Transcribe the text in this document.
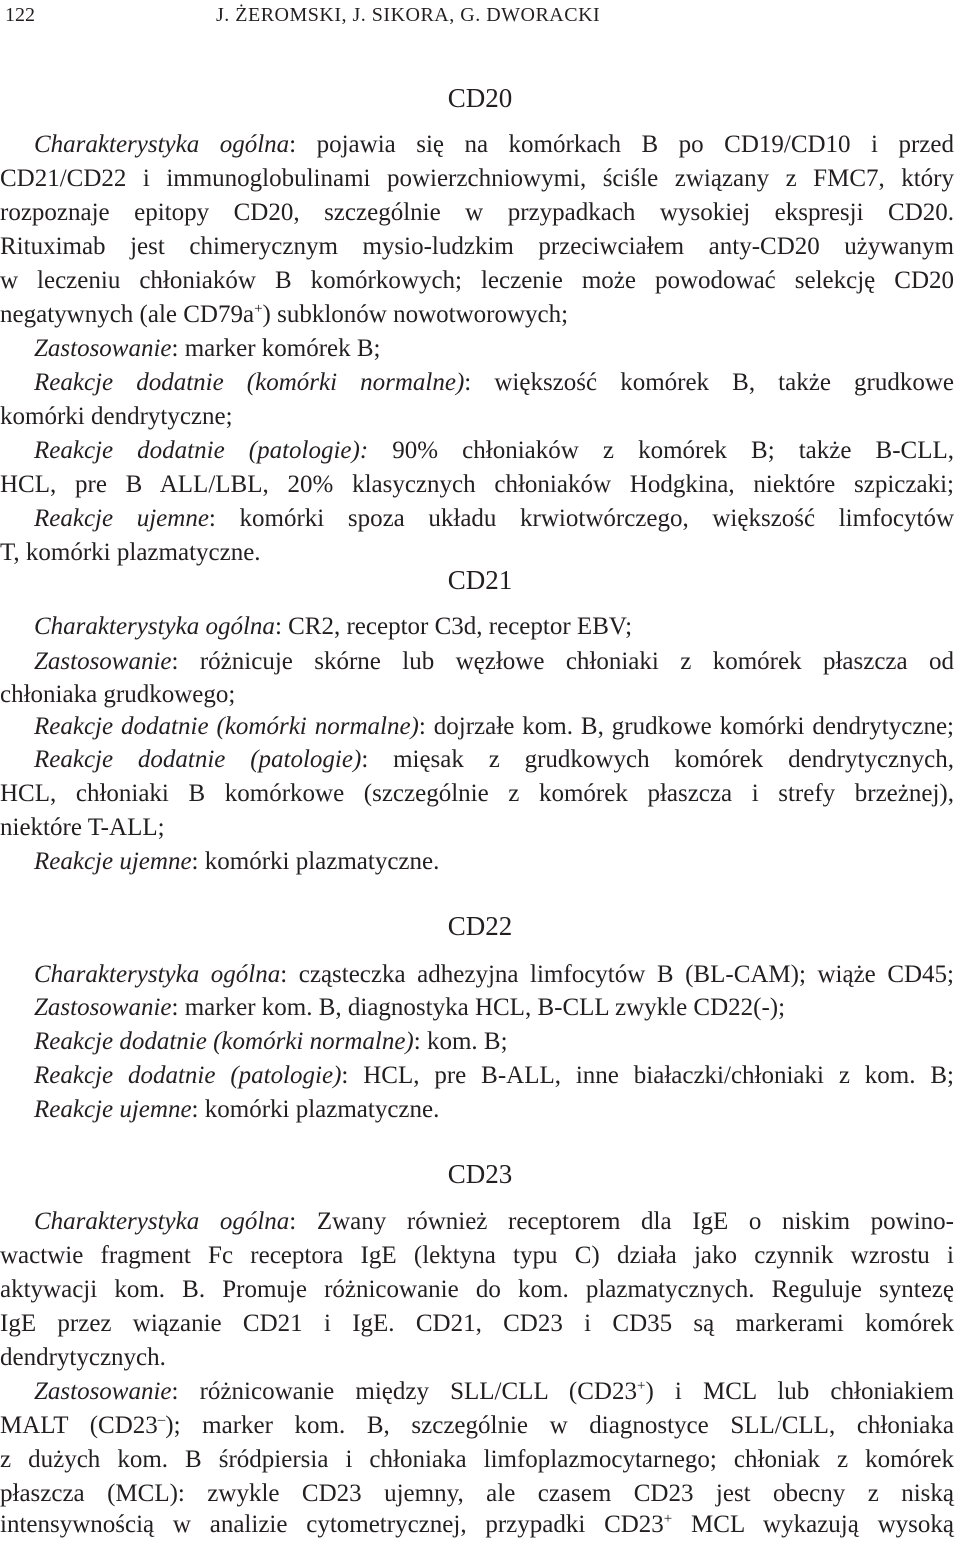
122	J. ŻEROMSKI, J. SIKORA, G. DWORACKI
CD20
Charakterystyka ogólna: pojawia się na komórkach B po CD19/CD10 i przed
CD21/CD22 i immunoglobulinami powierzchniowymi, ściśle związany z FMC7, który
rozpoznaje epitopy CD20, szczególnie w przypadkach wysokiej ekspresji CD20.
Rituximab jest chimerycznym mysio-ludzkim przeciwciałem anty-CD20 używanym
w leczeniu chłoniaków B komórkowych; leczenie może powodować selekcję CD20
negatywnych (ale CD79a+) subklonów nowotworowych;
Zastosowanie: marker komórek B;
Reakcje dodatnie (komórki normalne): większość komórek B, także grudkowe
komórki dendrytyczne;
Reakcje dodatnie (patologie): 90% chłoniaków z komórek B; także B-CLL,
HCL, pre B ALL/LBL, 20% klasycznych chłoniaków Hodgkina, niektóre szpiczaki;
Reakcje ujemne: komórki spoza układu krwiotwórczego, większość limfocytów
T, komórki plazmatyczne.
CD21
Charakterystyka ogólna: CR2, receptor C3d, receptor EBV;
Zastosowanie: różnicuje skórne lub węzłowe chłoniaki z komórek płaszcza od
chłoniaka grudkowego;
Reakcje dodatnie (komórki normalne): dojrzałe kom. B, grudkowe komórki dendrytyczne;
Reakcje dodatnie (patologie): mięsak z grudkowych komórek dendrytycznych,
HCL, chłoniaki B komórkowe (szczególnie z komórek płaszcza i strefy brzeżnej),
niektóre T-ALL;
Reakcje ujemne: komórki plazmatyczne.
CD22
Charakterystyka ogólna: cząsteczka adhezyjna limfocytów B (BL-CAM); wiąże CD45;
Zastosowanie: marker kom. B, diagnostyka HCL, B-CLL zwykle CD22(-);
Reakcje dodatnie (komórki normalne): kom. B;
Reakcje dodatnie (patologie): HCL, pre B-ALL, inne białaczki/chłoniaki z kom. B;
Reakcje ujemne: komórki plazmatyczne.
CD23
Charakterystyka ogólna: Zwany również receptorem dla IgE o niskim powino-
wactwie fragment Fc receptora IgE (lektyna typu C) działa jako czynnik wzrostu i
aktywacji kom. B. Promuje różnicowanie do kom. plazmatycznych. Reguluje syntezę
IgE przez wiązanie CD21 i IgE. CD21, CD23 i CD35 są markerami komórek
dendrytycznych.
Zastosowanie: różnicowanie między SLL/CLL (CD23+) i MCL lub chłoniakiem
MALT (CD23–); marker kom. B, szczególnie w diagnostyce SLL/CLL, chłoniaka
z dużych kom. B śródpiersia i chłoniaka limfoplazmocytarnego; chłoniak z komórek
płaszcza (MCL): zwykle CD23 ujemny, ale czasem CD23 jest obecny z niską
intensywnością w analizie cytometrycznej, przypadki CD23+ MCL wykazują wysoką
